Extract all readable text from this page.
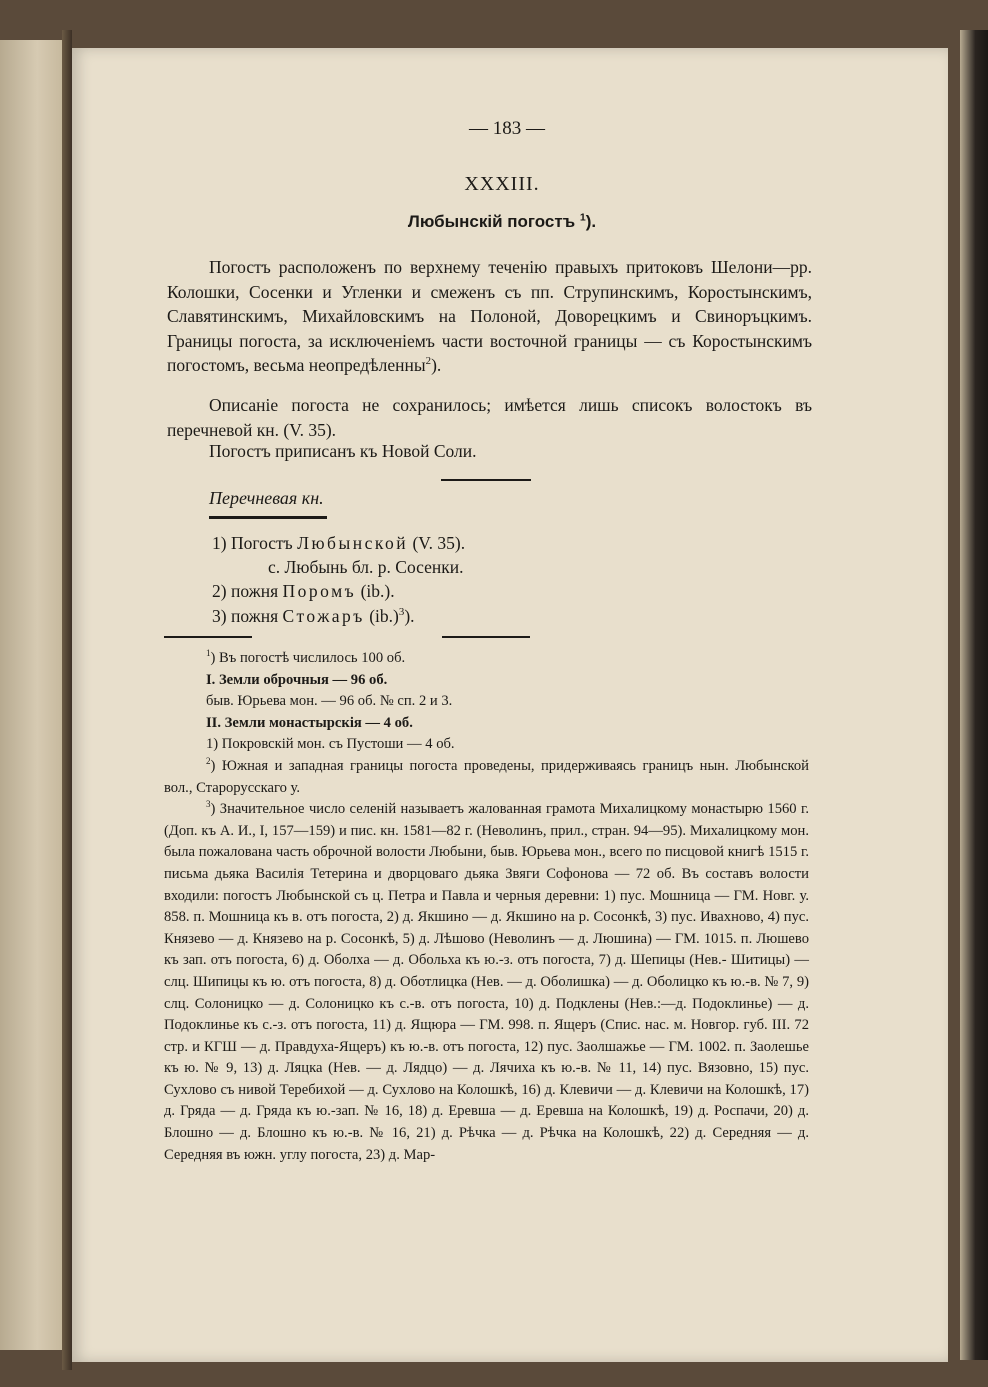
— 183 —
XXXIII.
Любынскій погостъ $^1$).

Погостъ расположенъ по верхнему теченію правыхъ притоковъ Шелони—рр. Колошки, Сосенки и Угленки и смеженъ съ пп. Струпинскимъ, Коростынскимъ, Славятинскимъ, Михайловскимъ на Полоной, Доворецкимъ и Свиноръцкимъ. Границы погоста, за исключеніемъ части восточной границы — съ Коростынскимъ погостомъ, весьма неопредѣленны$^2$).

Описаніе погоста не сохранилось; имѣется лишь списокъ волостокъ въ перечневой кн. (V. 35).

Погостъ приписанъ къ Новой Соли.

Перечневая кн.
1) Погостъ Любынской (V. 35).
с. Любынь бл. р. Сосенки.
2) пожня Поромъ (ib.).
3) пожня Стожаръ $(ib.)^3$).
$^1$) Въ погостѣ числилось 100 об.
I. Земли оброчныя — 96 об.
быв. Юрьева мон. — 96 об. № сп. 2 и 3.
II. Земли монастырскія — 4 об.
1) Покровскій мон. съ Пустоши — 4 об.
$^2$) Южная и западная границы погоста проведены, придерживаясь границъ нын. Любынской вол., Старорусскаго у.
$^3$) Значительное число селеній называетъ жалованная грамота Михалицкому монастырю 1560 г. (Доп. къ А. И., I, 157—159) и пис. кн. 1581—82 г. (Неволинъ, прил., стран. 94—95). Михалицкому мон. была пожалована часть оброчной волости Любыни, быв. Юрьева мон., всего по писцовой книгѣ 1515 г. письма дьяка Василія Тетерина и дворцоваго дьяка Звяги Софонова — 72 об. Въ составъ волости входили: погостъ Любынской съ ц. Петра и Павла и черныя деревни: 1) пус. Мошница — ГМ. Новг. у. 858. п. Мошница къ в. отъ погоста, 2) д. Якшино — д. Якшино на р. Сосонкѣ, 3) пус. Ивахново, 4) пус. Князево — д. Князево на р. Сосонкѣ, 5) д. Лѣшово (Неволинъ — д. Люшина) — ГМ. 1015. п. Люшево къ зап. отъ погоста, 6) д. Оболха — д. Обольха къ ю.-з. отъ погоста, 7) д. Шепицы (Нев.- Шитицы) — слц. Шипицы къ ю. отъ погоста, 8) д. Оботлицка (Нев. — д. Оболишка) — д. Оболицко къ ю.-в. № 7, 9) слц. Солоницко — д. Солоницко къ с.-в. отъ погоста, 10) д. Подклены (Нев.:—д. Подоклинье) — д. Подоклинье къ с.-з. отъ погоста, 11) д. Ящюра — ГМ. 998. п. Ящеръ (Спис. нас. м. Новгор. губ. III. 72 стр. и КГШ — д. Правдуха-Ящеръ) къ ю.-в. отъ погоста, 12) пус. Заолшажье — ГМ. 1002. п. Заолешье къ ю. № 9, 13) д. Ляцка (Нев. — д. Лядцо) — д. Лячиха къ ю.-в. № 11, 14) пус. Вязовно, 15) пус. Сухлово съ нивой Теребихой — д. Сухлово на Колошкѣ, 16) д. Клевичи — д. Клевичи на Колошкѣ, 17) д. Гряда — д. Гряда къ ю.-зап. № 16, 18) д. Еревша — д. Еревша на Колошкѣ, 19) д. Роспачи, 20) д. Блошно — д. Блошно къ ю.-в. № 16, 21) д. Рѣчка — д. Рѣчка на Колошкѣ, 22) д. Середняя — д. Середняя въ южн. углу погоста, 23) д. Мар-
